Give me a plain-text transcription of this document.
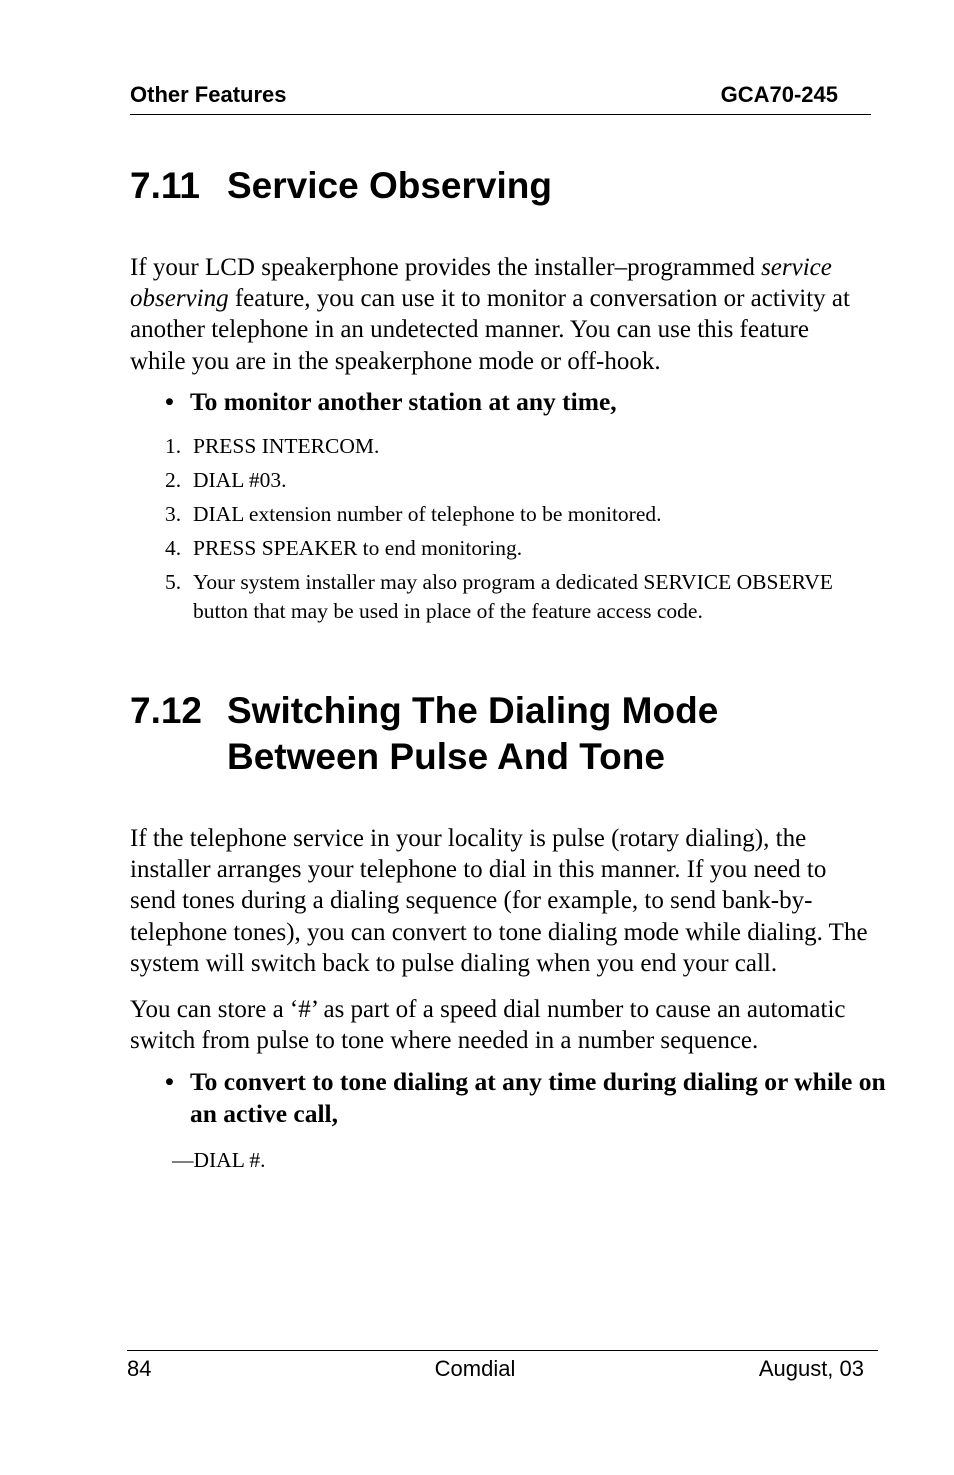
Other Features	GCA70-245
7.11 Service Observing

If your LCD speakerphone provides the installer–programmed service observing feature, you can use it to monitor a conversation or activity at another telephone in an undetected manner. You can use this feature while you are in the speakerphone mode or off-hook.

• To monitor another station at any time,

1. PRESS INTERCOM.
2. DIAL #03.
3. DIAL extension number of telephone to be monitored.
4. PRESS SPEAKER to end monitoring.
5. Your system installer may also program a dedicated SERVICE OBSERVE button that may be used in place of the feature access code.
7.12 Switching The Dialing Mode
Between Pulse And Tone

If the telephone service in your locality is pulse (rotary dialing), the installer arranges your telephone to dial in this manner. If you need to send tones during a dialing sequence (for example, to send bank-by-telephone tones), you can convert to tone dialing mode while dialing. The system will switch back to pulse dialing when you end your call.

You can store a ‘#’ as part of a speed dial number to cause an automatic switch from pulse to tone where needed in a number sequence.

• To convert to tone dialing at any time during dialing or while on an active call,

—DIAL #.
84	Comdial	August, 03
